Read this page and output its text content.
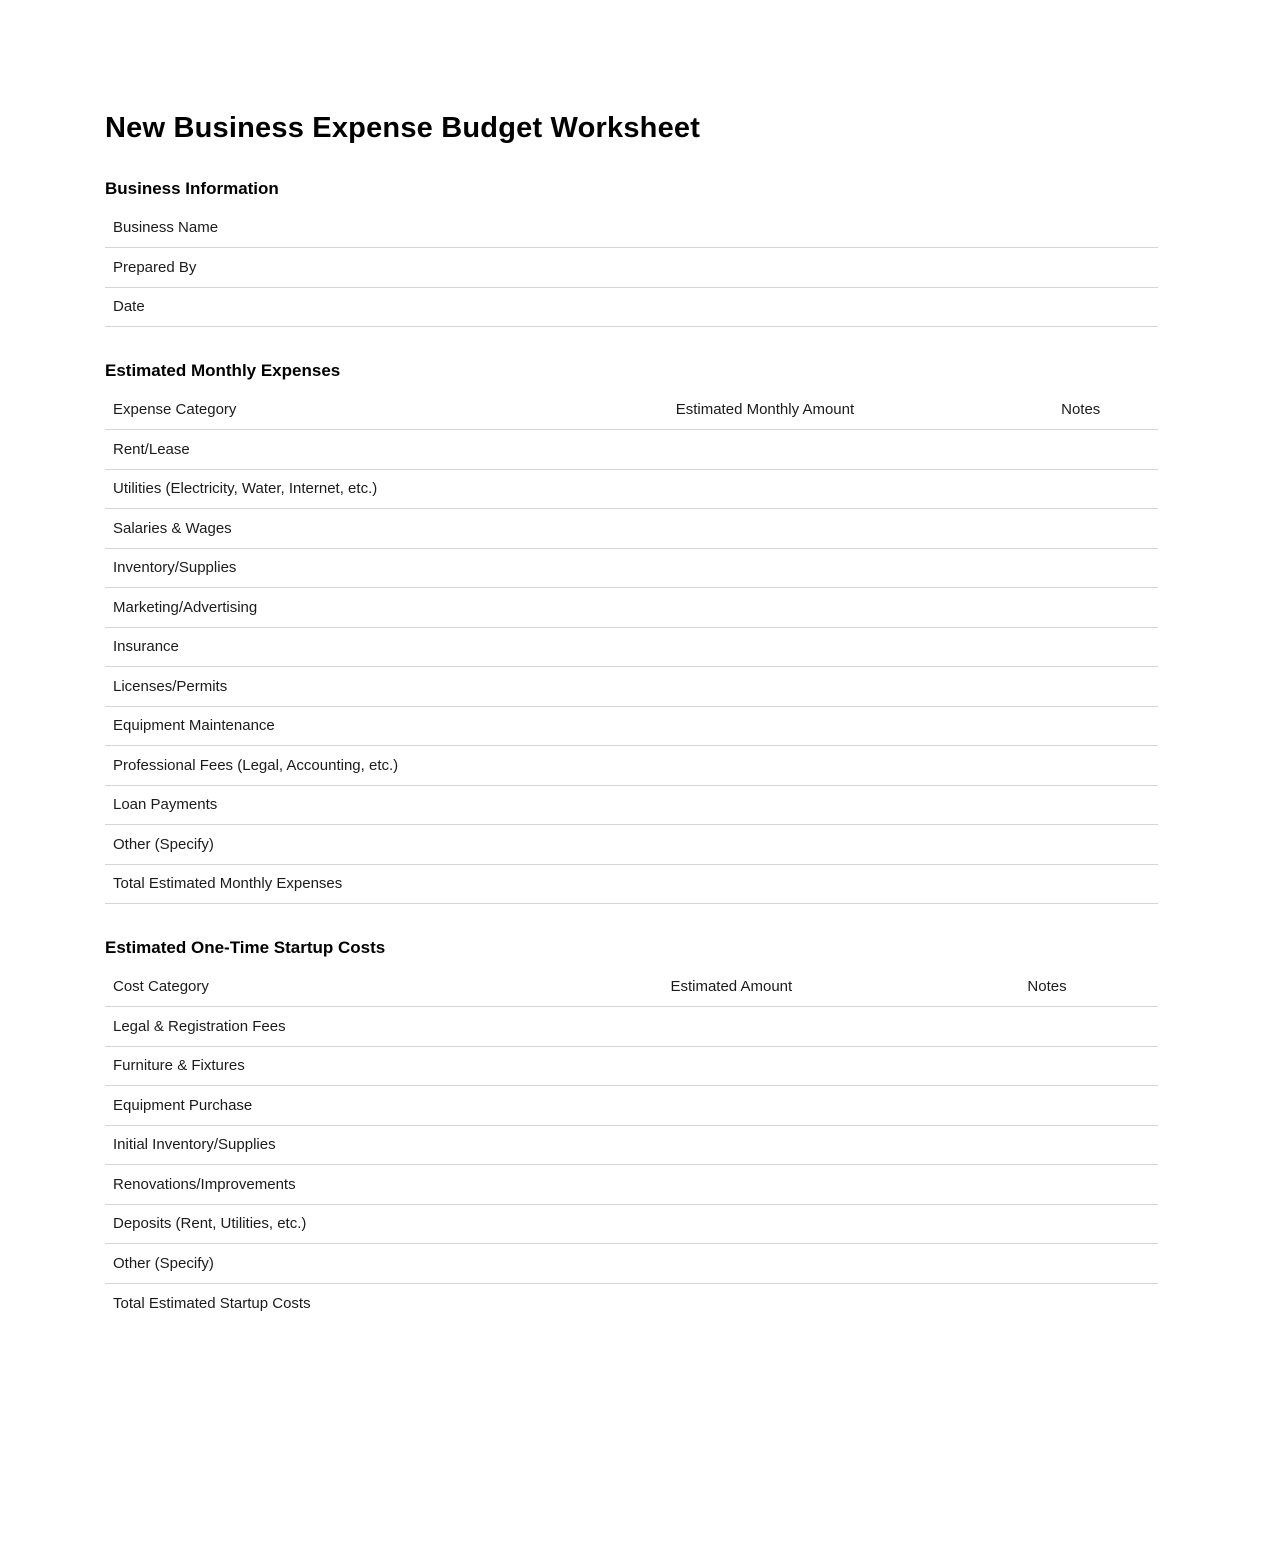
New Business Expense Budget Worksheet
Business Information
Business Name
Prepared By
Date
Estimated Monthly Expenses
Expense Category	Estimated Monthly Amount	Notes
Rent/Lease
Utilities (Electricity, Water, Internet, etc.)
Salaries & Wages
Inventory/Supplies
Marketing/Advertising
Insurance
Licenses/Permits
Equipment Maintenance
Professional Fees (Legal, Accounting, etc.)
Loan Payments
Other (Specify)
Total Estimated Monthly Expenses
Estimated One-Time Startup Costs
Cost Category	Estimated Amount	Notes
Legal & Registration Fees
Furniture & Fixtures
Equipment Purchase
Initial Inventory/Supplies
Renovations/Improvements
Deposits (Rent, Utilities, etc.)
Other (Specify)
Total Estimated Startup Costs
